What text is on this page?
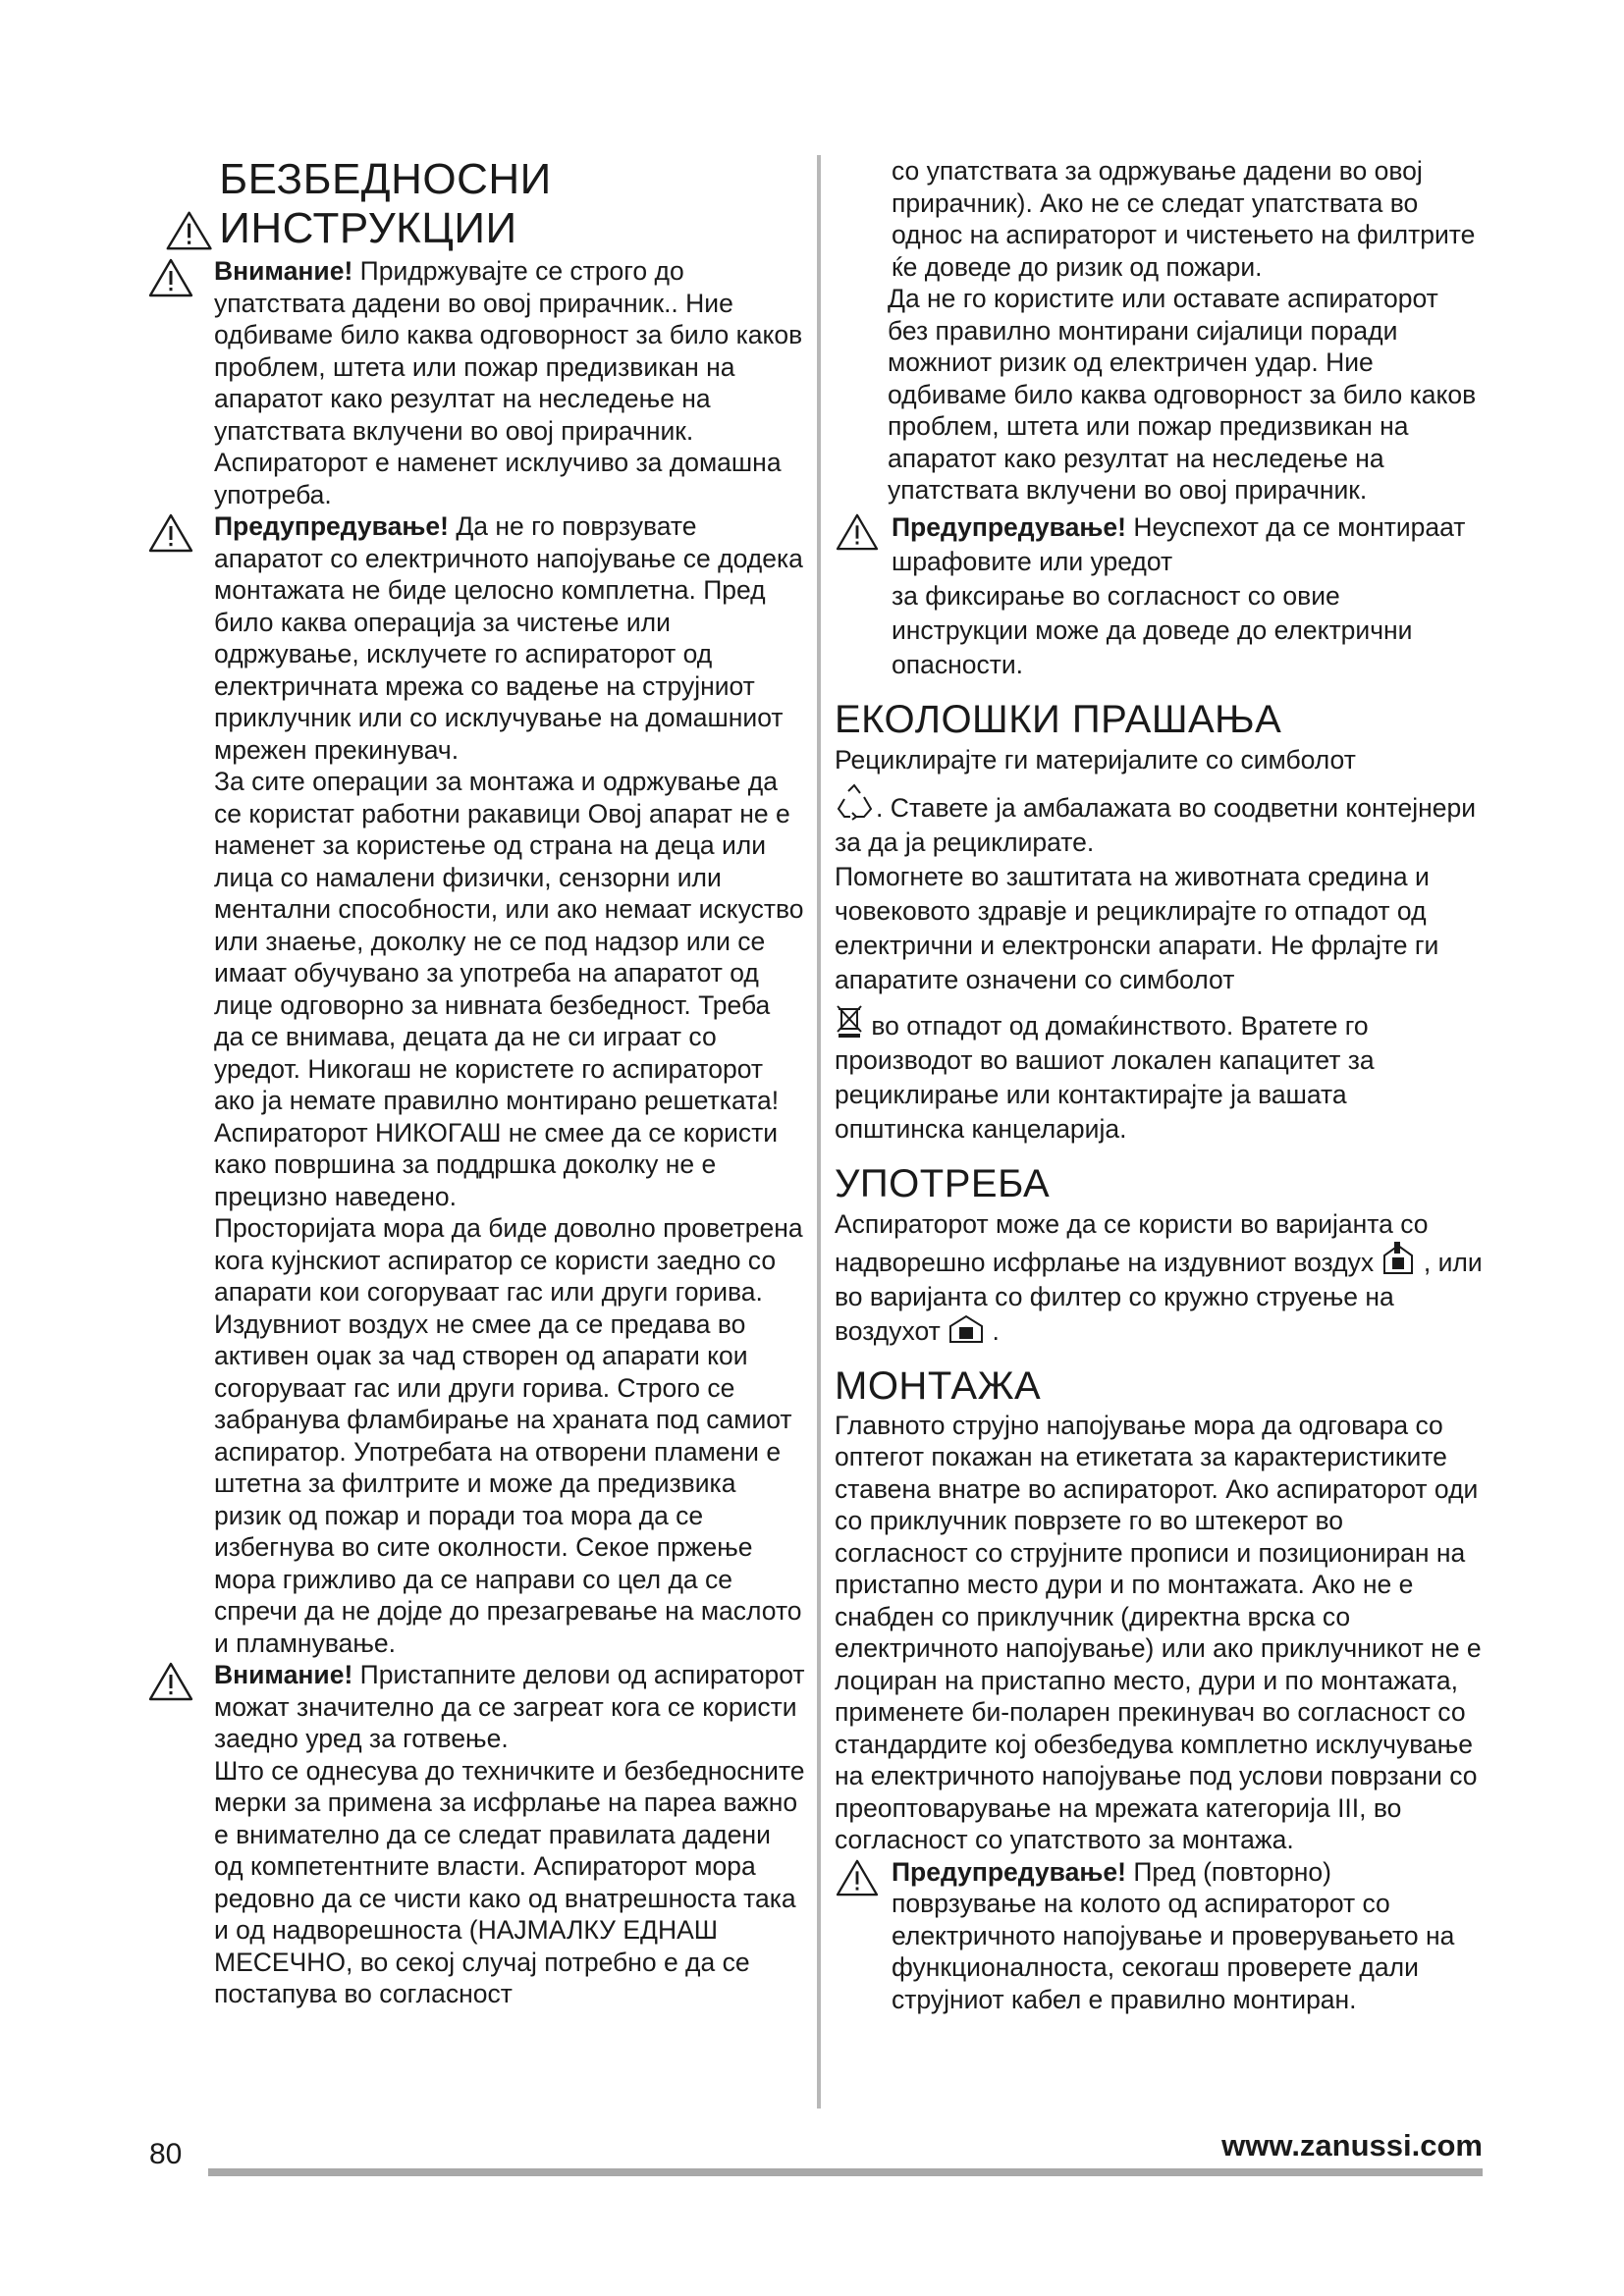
БЕЗБЕДНОСНИ ИНСТРУКЦИИ

Внимание! Придржувајте се строго до упатствата дадени во овој прирачник.. Ние одбиваме било каква одговорност за било каков проблем, штета или пожар предизвикан на апаратот како резултат на неследење на упатствата вклучени во овој прирачник. Аспираторот е наменет исклучиво за домашна употреба.

Предупредување! Да не го поврзувате апаратот со електричното напојување се додека монтажата не биде целосно комплетна. Пред било каква операција за чистење или одржување, исклучете го аспираторот од електричната мрежа со вадење на струјниот приклучник или со исклучување на домашниот мрежен прекинувач.

За сите операции за монтажа и одржување да се користат работни ракавици Овој апарат не е наменет за користење од страна на деца или лица со намалени физички, сензорни или ментални способности, или ако немаат искуство или знаење, доколку не се под надзор или се имаат обучувано за употреба на апаратот од лице одговорно за нивната безбедност. Треба да се внимава, децата да не си играат со уредот. Никогаш не користете го аспираторот ако ја немате правилно монтирано решетката!

Аспираторот НИКОГАШ не смее да се користи како површина за поддршка доколку не е прецизно наведено.

Просторијата мора да биде доволно проветрена кога кујнскиот аспиратор се користи заедно со апарати кои согоруваат гас или други горива. Издувниот воздух не смее да се предава во активен оџак за чад створен од апарати кои согоруваат гас или други горива. Строго се забранува фламбирање на храната под самиот аспиратор. Употребата на отворени пламени е штетна за филтрите и може да предизвика ризик од пожар и поради тоа мора да се избегнува во сите околности. Секое пржење мора грижливо да се направи со цел да се спречи да не дојде до презагревање на маслото и пламнување.

Внимание! Пристапните делови од аспираторот можат значително да се загреат кога се користи заедно уред за готвење.

Што се однесува до техничките и безбедносните мерки за примена за исфрлање на пареа важно е внимателно да се следат правилата дадени од компетентните власти. Аспираторот мора редовно да се чисти како од внатрешноста така и од надворешноста (НАЈМАЛКУ ЕДНАШ МЕСЕЧНО, во секој случај потребно е да се постапува во согласност

со упатствата за одржување дадени во овој прирачник). Ако не се следат упатствата во однос на аспираторот и чистењето на филтрите ќе доведе до ризик од пожари.

Да не го користите или оставате аспираторот без правилно монтирани сијалици поради можниот ризик од електричен удар. Ние одбиваме било каква одговорност за било каков проблем, штета или пожар предизвикан на апаратот како резултат на неследење на упатствата вклучени во овој прирачник.

Предупредување! Неуспехот да се монтираат шрафовите или уредот

за фиксирање во согласност со овие инструкции може да доведе до електрични опасности.

ЕКОЛОШКИ ПРАШАЊА

Рециклирајте ги материјалите со симболот

. Ставете ја амбалажата во соодветни контејнери за да ја рециклирате.

Помогнете во заштитата на животната средина и човековото здравје и рециклирајте го отпадот од електрични и електронски апарати. Не фрлајте ги апаратите означени со симболот

во отпадот од домаќинството. Вратете го производот во вашиот локален капацитет за рециклирање или контактирајте ја вашата општинска канцеларија.

УПОТРЕБА

Аспираторот може да се користи во варијанта со надворешно исфрлање на издувниот воздух , или во варијанта со филтер со кружно струење на воздухот .

МОНТАЖА

Главното струјно напојување мора да одговара со оптегот покажан на етикетата за карактеристиките ставена внатре во аспираторот. Ако аспираторот оди со приклучник поврзете го во штекерот во согласност со струјните прописи и позициониран на пристапно место дури и по монтажата. Ако не е снабден со приклучник (директна врска со електричното напојување) или ако приклучникот не е лоциран на пристапно место, дури и по монтажата, применете би-поларен прекинувач во согласност со стандардите кој обезбедува комплетно исклучување на електричното напојување под услови поврзани со преоптоварување на мрежата категорија III, во согласност со упатството за монтажа.

Предупредување! Пред (повторно) поврзување на колото од аспираторот со електричното напојување и проверувањето на функционалноста, секогаш проверете дали струјниот кабел е правилно монтиран.

80	www.zanussi.com
